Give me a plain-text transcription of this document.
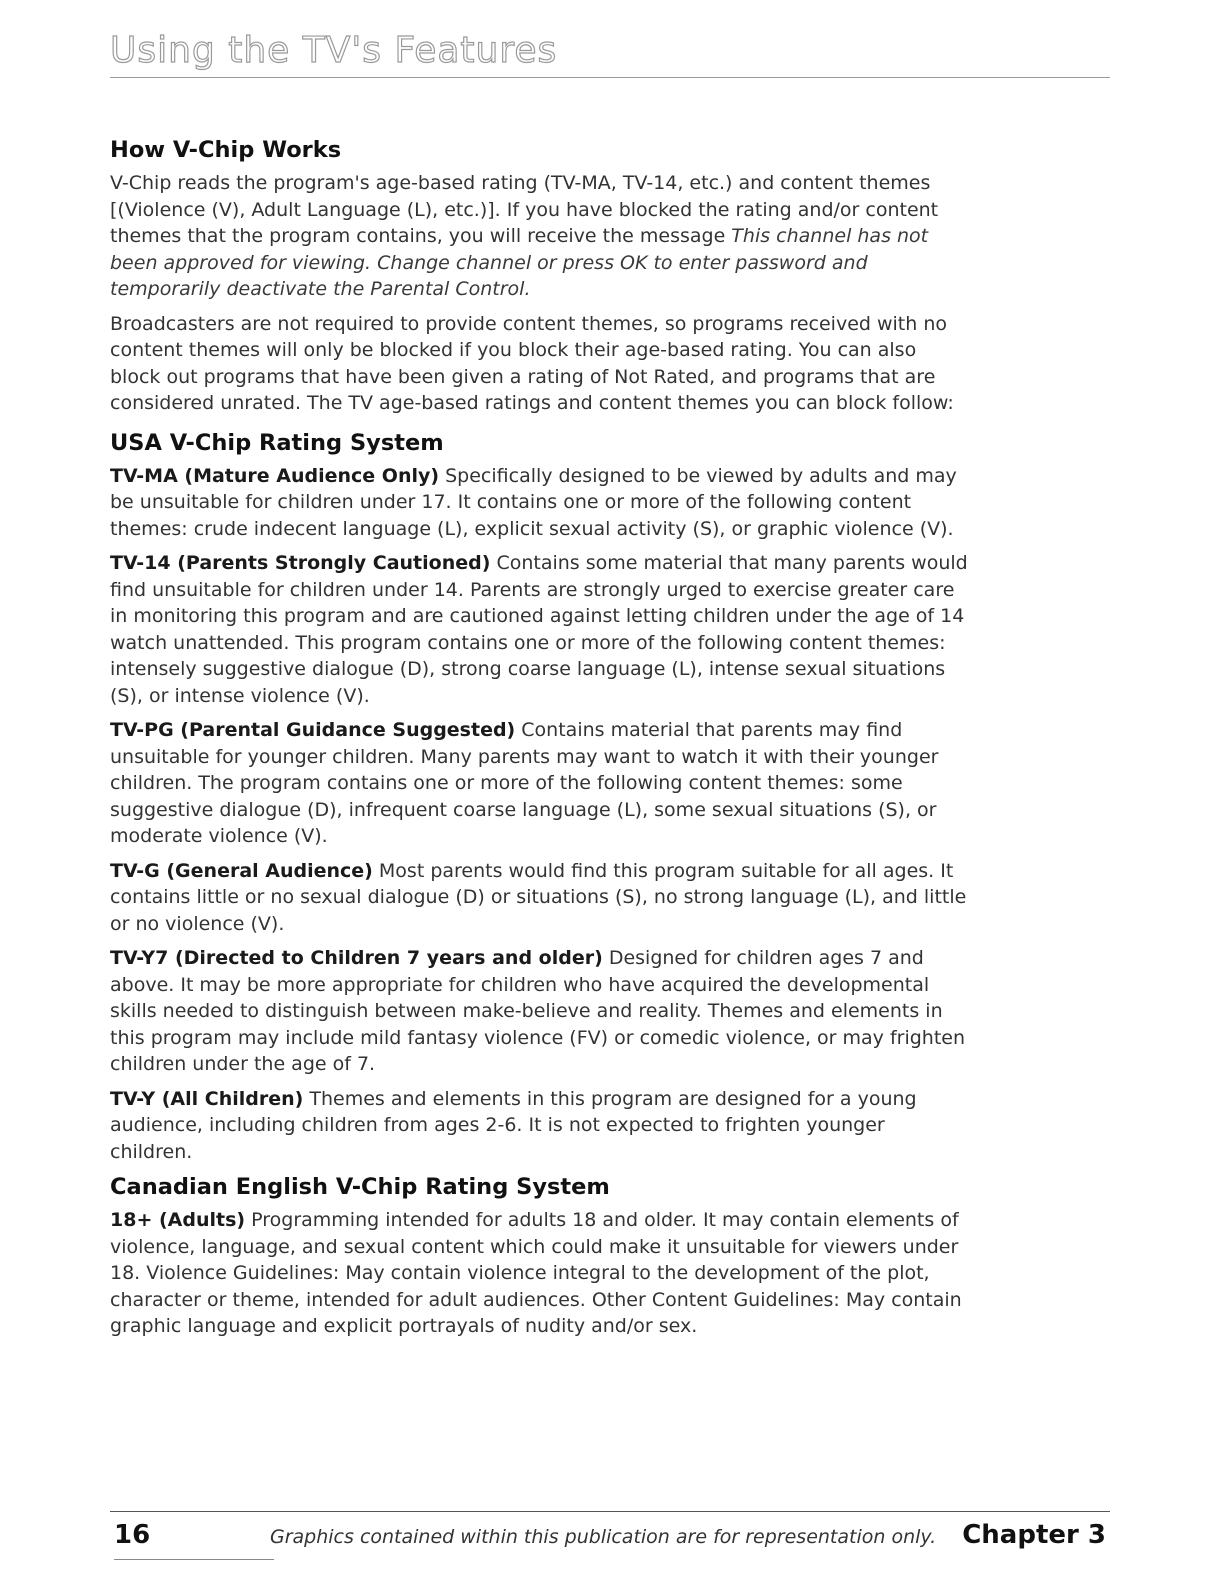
Using the TV's Features
How V-Chip Works

V-Chip reads the program's age-based rating (TV-MA, TV-14, etc.) and content themes [(Violence (V), Adult Language (L), etc.)]. If you have blocked the rating and/or content themes that the program contains, you will receive the message This channel has not been approved for viewing. Change channel or press OK to enter password and temporarily deactivate the Parental Control.

Broadcasters are not required to provide content themes, so programs received with no content themes will only be blocked if you block their age-based rating. You can also block out programs that have been given a rating of Not Rated, and programs that are considered unrated. The TV age-based ratings and content themes you can block follow:

USA V-Chip Rating System

TV-MA (Mature Audience Only) Specifically designed to be viewed by adults and may be unsuitable for children under 17. It contains one or more of the following content themes: crude indecent language (L), explicit sexual activity (S), or graphic violence (V).

TV-14 (Parents Strongly Cautioned) Contains some material that many parents would find unsuitable for children under 14. Parents are strongly urged to exercise greater care in monitoring this program and are cautioned against letting children under the age of 14 watch unattended. This program contains one or more of the following content themes: intensely suggestive dialogue (D), strong coarse language (L), intense sexual situations (S), or intense violence (V).

TV-PG (Parental Guidance Suggested) Contains material that parents may find unsuitable for younger children. Many parents may want to watch it with their younger children. The program contains one or more of the following content themes: some suggestive dialogue (D), infrequent coarse language (L), some sexual situations (S), or moderate violence (V).

TV-G (General Audience) Most parents would find this program suitable for all ages. It contains little or no sexual dialogue (D) or situations (S), no strong language (L), and little or no violence (V).

TV-Y7 (Directed to Children 7 years and older) Designed for children ages 7 and above. It may be more appropriate for children who have acquired the developmental skills needed to distinguish between make-believe and reality. Themes and elements in this program may include mild fantasy violence (FV) or comedic violence, or may frighten children under the age of 7.

TV-Y (All Children) Themes and elements in this program are designed for a young audience, including children from ages 2-6. It is not expected to frighten younger children.

Canadian English V-Chip Rating System

18+ (Adults) Programming intended for adults 18 and older. It may contain elements of violence, language, and sexual content which could make it unsuitable for viewers under 18. Violence Guidelines: May contain violence integral to the development of the plot, character or theme, intended for adult audiences. Other Content Guidelines: May contain graphic language and explicit portrayals of nudity and/or sex.

16	Graphics contained within this publication are for representation only. Chapter 3
